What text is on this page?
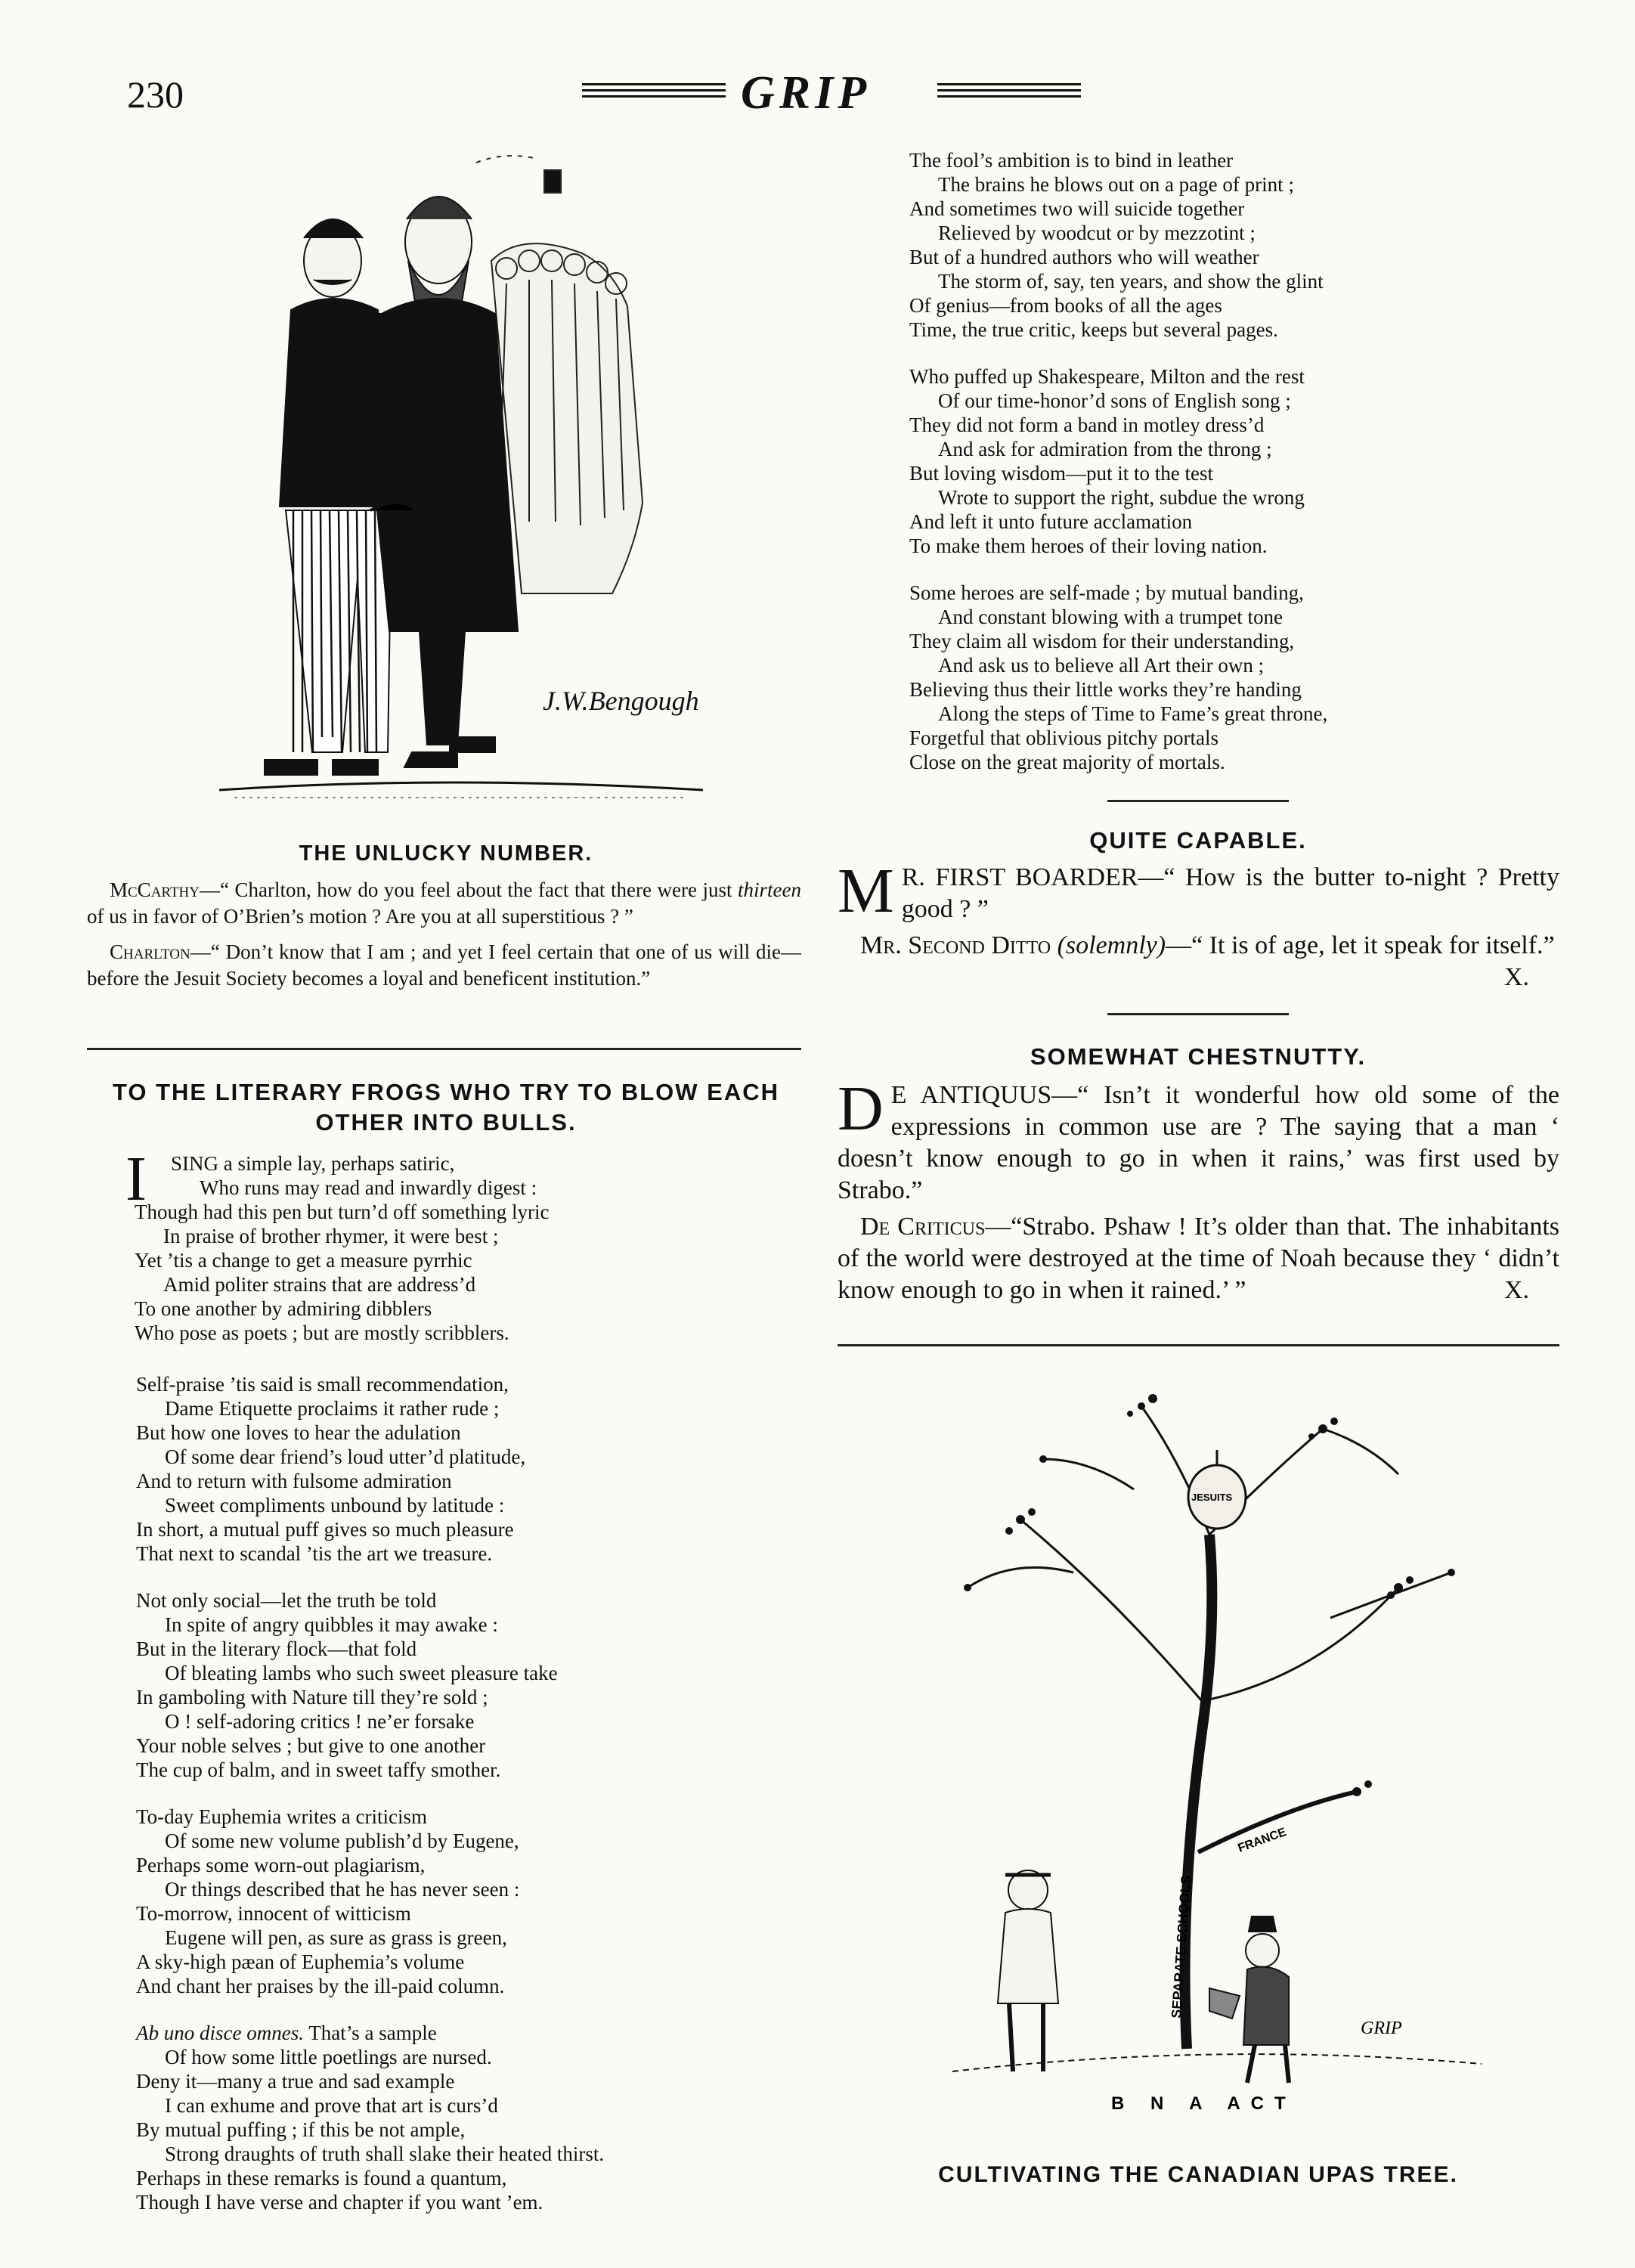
230	GRIP
J.W.Bengough
THE UNLUCKY NUMBER.

McCarthy—“ Charlton, how do you feel about the fact that there were just thirteen of us in favor of O’Brien’s motion ? Are you at all superstitious ? ”

Charlton—“ Don’t know that I am ; and yet I feel certain that one of us will die—before the Jesuit Society becomes a loyal and beneficent institution.”

TO THE LITERARY FROGS WHO TRY TO BLOW EACH OTHER INTO BULLS.
I SING a simple lay, perhaps satiric,
Who runs may read and inwardly digest :
Though had this pen but turn’d off something lyric
In praise of brother rhymer, it were best ;
Yet ’tis a change to get a measure pyrrhic
Amid politer strains that are address’d
To one another by admiring dibblers
Who pose as poets ; but are mostly scribblers.
Self-praise ’tis said is small recommendation,
Dame Etiquette proclaims it rather rude ;
But how one loves to hear the adulation
Of some dear friend’s loud utter’d platitude,
And to return with fulsome admiration
Sweet compliments unbound by latitude :
In short, a mutual puff gives so much pleasure
That next to scandal ’tis the art we treasure.
Not only social—let the truth be told
In spite of angry quibbles it may awake :
But in the literary flock—that fold
Of bleating lambs who such sweet pleasure take
In gamboling with Nature till they’re sold ;
O ! self-adoring critics ! ne’er forsake
Your noble selves ; but give to one another
The cup of balm, and in sweet taffy smother.
To-day Euphemia writes a criticism
Of some new volume publish’d by Eugene,
Perhaps some worn-out plagiarism,
Or things described that he has never seen :
To-morrow, innocent of witticism
Eugene will pen, as sure as grass is green,
A sky-high pæan of Euphemia’s volume
And chant her praises by the ill-paid column.
Ab uno disce omnes. That’s a sample
Of how some little poetlings are nursed.
Deny it—many a true and sad example
I can exhume and prove that art is curs’d
By mutual puffing ; if this be not ample,
Strong draughts of truth shall slake their heated thirst.
Perhaps in these remarks is found a quantum,
Though I have verse and chapter if you want ’em.
The fool’s ambition is to bind in leather
The brains he blows out on a page of print ;
And sometimes two will suicide together
Relieved by woodcut or by mezzotint ;
But of a hundred authors who will weather
The storm of, say, ten years, and show the glint
Of genius—from books of all the ages
Time, the true critic, keeps but several pages.
Who puffed up Shakespeare, Milton and the rest
Of our time-honor’d sons of English song ;
They did not form a band in motley dress’d
And ask for admiration from the throng ;
But loving wisdom—put it to the test
Wrote to support the right, subdue the wrong
And left it unto future acclamation
To make them heroes of their loving nation.
Some heroes are self-made ; by mutual banding,
And constant blowing with a trumpet tone
They claim all wisdom for their understanding,
And ask us to believe all Art their own ;
Believing thus their little works they’re handing
Along the steps of Time to Fame’s great throne,
Forgetful that oblivious pitchy portals
Close on the great majority of mortals.
QUITE CAPABLE.

M R. FIRST BOARDER—“ How is the butter to-night ? Pretty good ? ”

Mr. Second Ditto (solemnly)—“ It is of age, let it speak for itself.”
X.

SOMEWHAT CHESTNUTTY.

D E ANTIQUUS—“ Isn’t it wonderful how old some of the expressions in common use are ? The saying that a man ‘ doesn’t know enough to go in when it rains,’ was first used by Strabo.”

De Criticus—“Strabo. Pshaw ! It’s older than that. The inhabitants of the world were destroyed at the time of Noah because they ‘ didn’t know enough to go in when it rained.’ ”	X.

JESUITS
SEPARATE SCHOOLS
FRANCE
B N A ACT
GRIP
CULTIVATING THE CANADIAN UPAS TREE.
